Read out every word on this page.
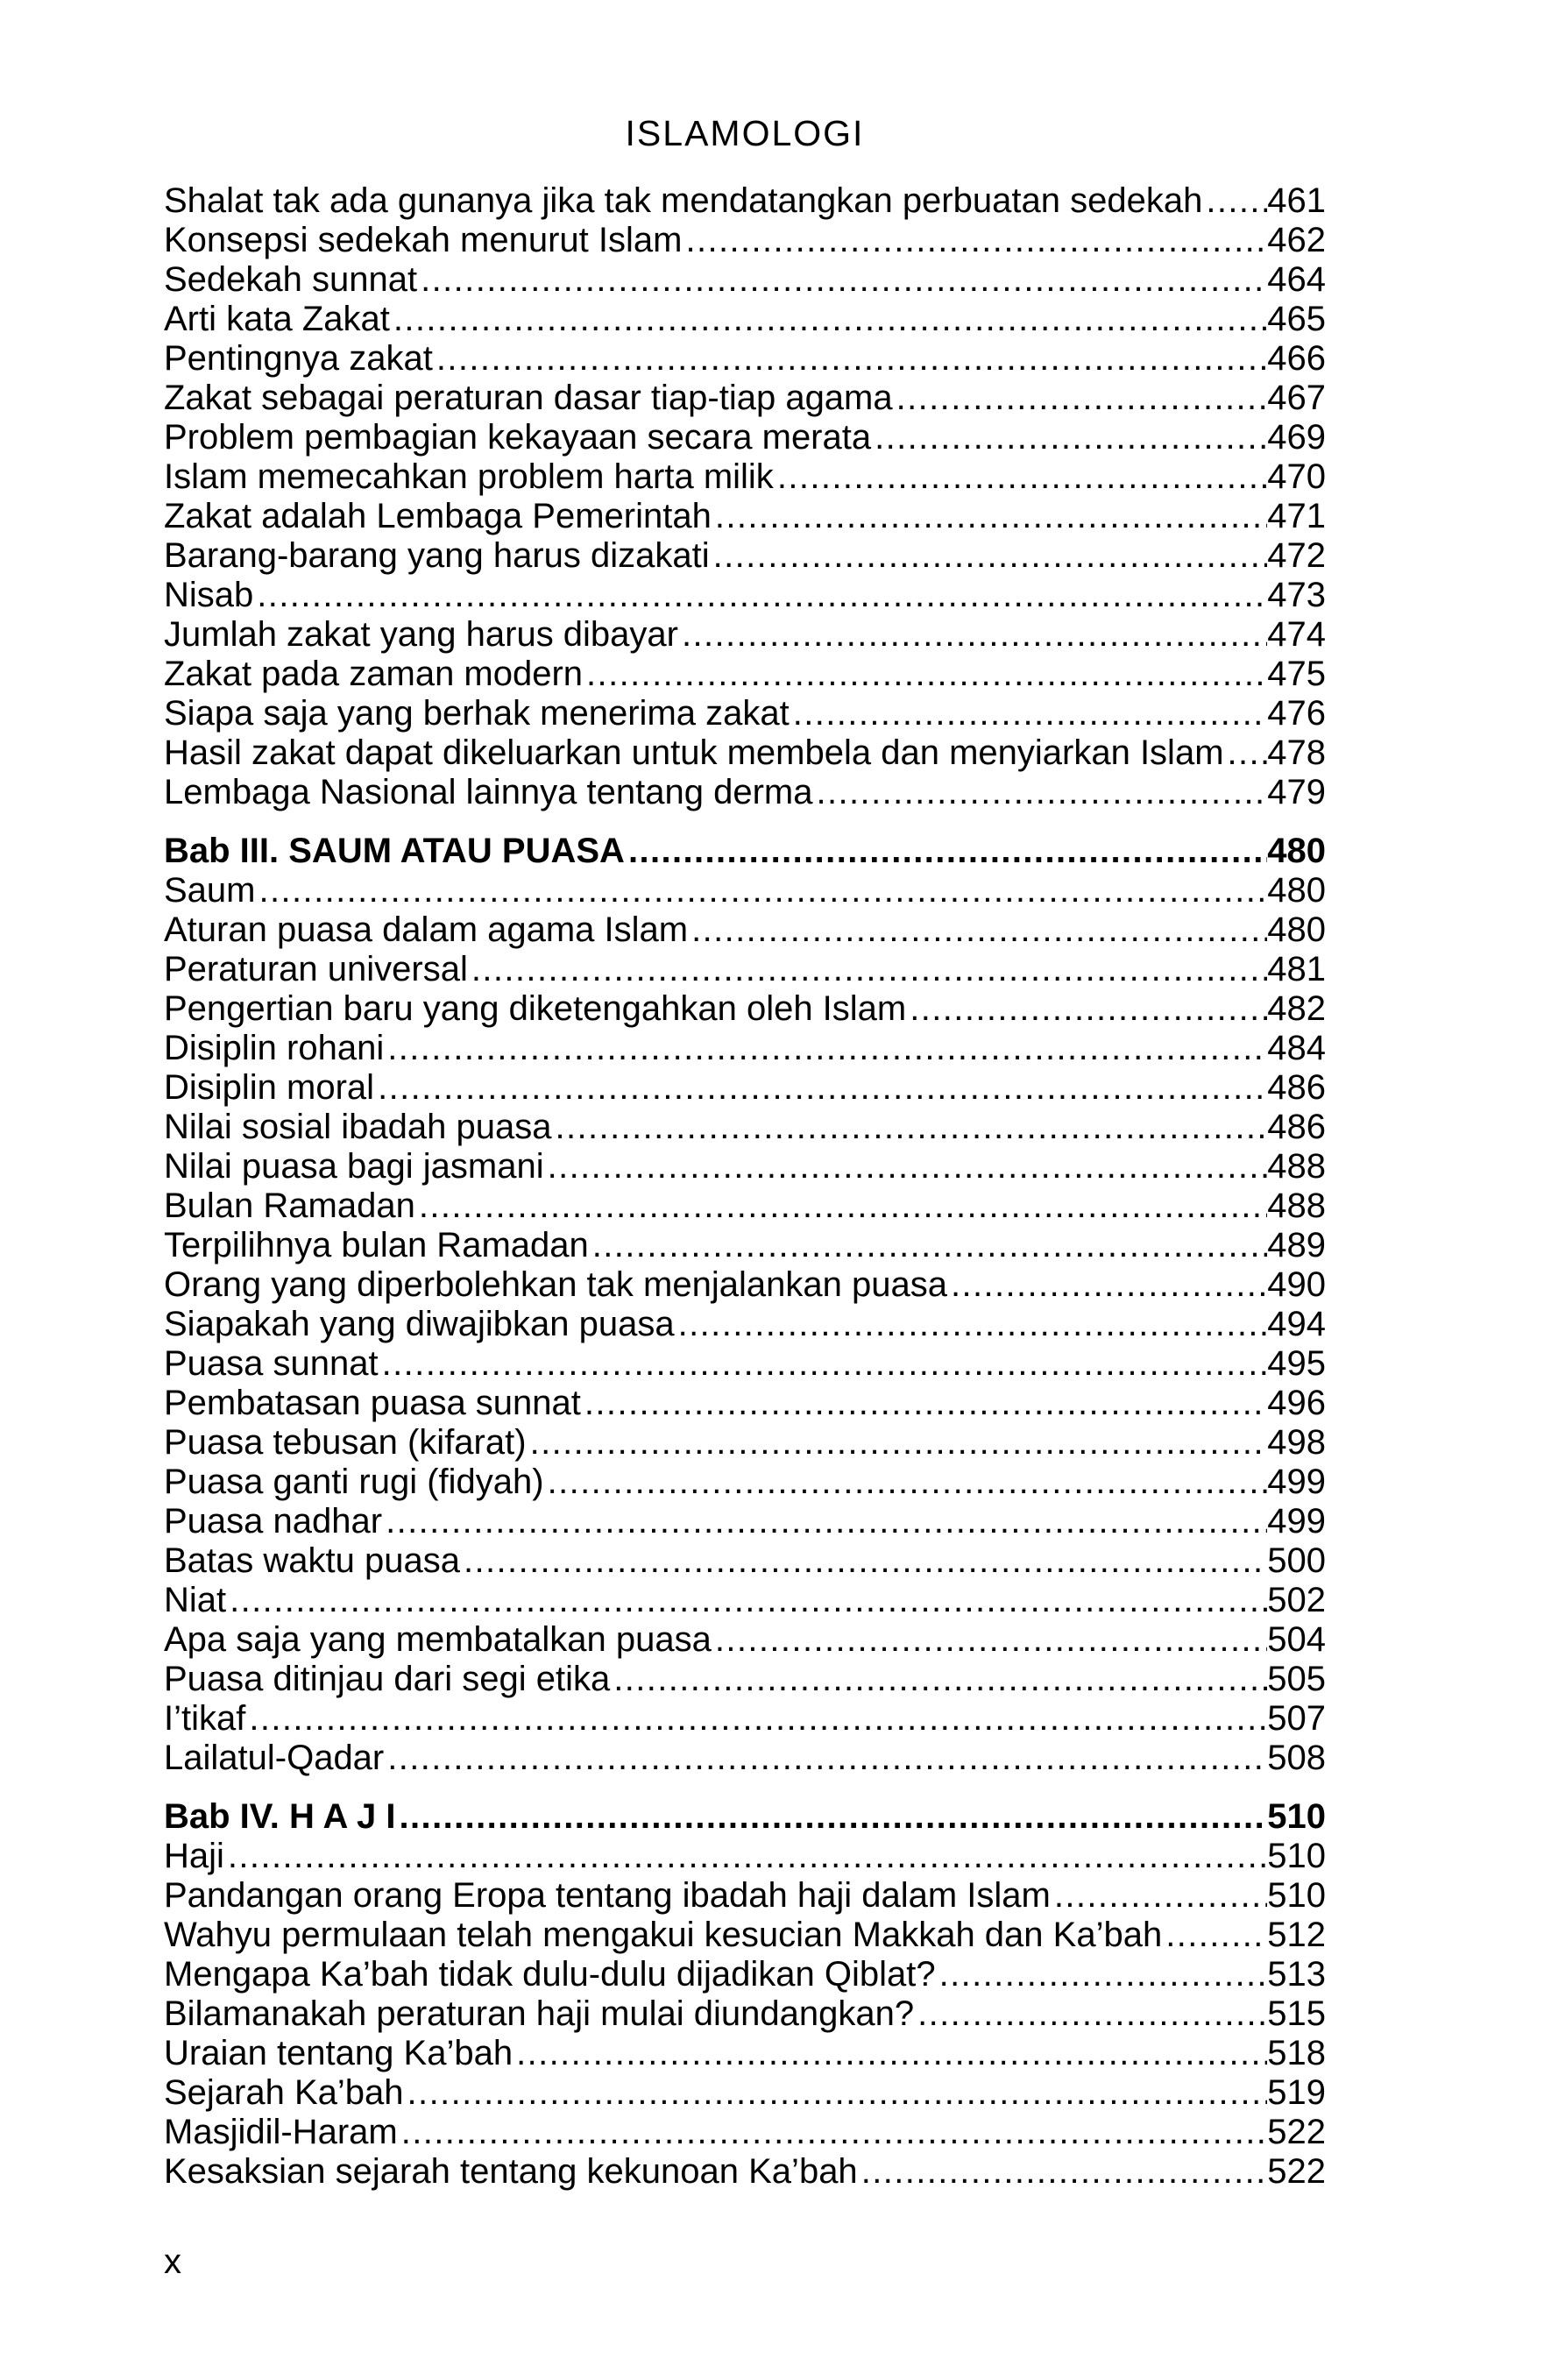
ISLAMOLOGI
Shalat tak ada gunanya jika tak mendatangkan perbuatan sedekah ..... 461
Konsepsi sedekah menurut Islam .....	462
Sedekah sunnat .....	464
Arti kata Zakat .....	465
Pentingnya zakat .....	466
Zakat sebagai peraturan dasar tiap-tiap agama .....	467
Problem pembagian kekayaan secara merata .....	469
Islam memecahkan problem harta milik .....	470
Zakat adalah Lembaga Pemerintah .....	471
Barang-barang yang harus dizakati .....	472
Nisab .....	473
Jumlah zakat yang harus dibayar .....	474
Zakat pada zaman modern .....	475
Siapa saja yang berhak menerima zakat .....	476
Hasil zakat dapat dikeluarkan untuk membela dan menyiarkan Islam ..... 478
Lembaga Nasional lainnya tentang derma .....	479
Bab III. SAUM ATAU PUASA .....	480
Saum .....	480
Aturan puasa dalam agama Islam .....	480
Peraturan universal .....	481
Pengertian baru yang diketengahkan oleh Islam .....	482
Disiplin rohani .....	484
Disiplin moral .....	486
Nilai sosial ibadah puasa .....	486
Nilai puasa bagi jasmani .....	488
Bulan Ramadan .....	488
Terpilihnya bulan Ramadan .....	489
Orang yang diperbolehkan tak menjalankan puasa .....	490
Siapakah yang diwajibkan puasa .....	494
Puasa sunnat .....	495
Pembatasan puasa sunnat .....	496
Puasa tebusan (kifarat) .....	498
Puasa ganti rugi (fidyah) .....	499
Puasa nadhar .....	499
Batas waktu puasa .....	500
Niat .....	502
Apa saja yang membatalkan puasa .....	504
Puasa ditinjau dari segi etika .....	505
I’tikaf .....	507
Lailatul-Qadar .....	508
Bab IV. H A J I .....	510
Haji .....	510
Pandangan orang Eropa tentang ibadah haji dalam Islam .....	510
Wahyu permulaan telah mengakui kesucian Makkah dan Ka’bah .....	512
Mengapa Ka’bah tidak dulu-dulu dijadikan Qiblat? .....	513
Bilamanakah peraturan haji mulai diundangkan? .....	515
Uraian tentang Ka’bah .....	518
Sejarah Ka’bah .....	519
Masjidil-Haram .....	522
Kesaksian sejarah tentang kekunoan Ka’bah .....	522
x
